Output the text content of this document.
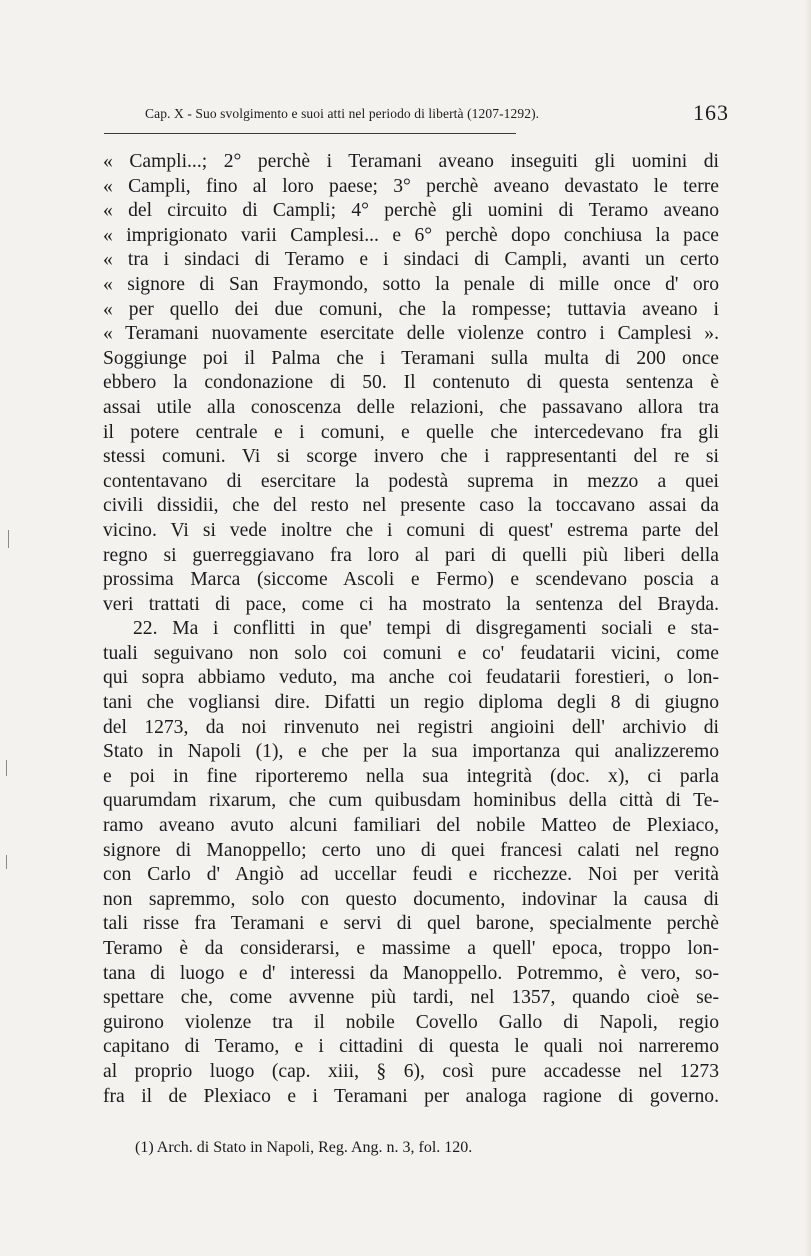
Cap. X - Suo svolgimento e suoi atti nel periodo di libertà (1207-1292).	163
« Campli...; 2° perchè i Teramani aveano inseguiti gli uomini di
« Campli, fino al loro paese; 3° perchè aveano devastato le terre
« del circuito di Campli; 4° perchè gli uomini di Teramo aveano
« imprigionato varii Camplesi... e 6° perchè dopo conchiusa la pace
« tra i sindaci di Teramo e i sindaci di Campli, avanti un certo
« signore di San Fraymondo, sotto la penale di mille once d' oro
« per quello dei due comuni, che la rompesse; tuttavia aveano i
« Teramani nuovamente esercitate delle violenze contro i Camplesi ».
Soggiunge poi il Palma che i Teramani sulla multa di 200 once
ebbero la condonazione di 50. Il contenuto di questa sentenza è
assai utile alla conoscenza delle relazioni, che passavano allora tra
il potere centrale e i comuni, e quelle che intercedevano fra gli
stessi comuni. Vi si scorge invero che i rappresentanti del re si
contentavano di esercitare la podestà suprema in mezzo a quei
civili dissidii, che del resto nel presente caso la toccavano assai da
vicino. Vi si vede inoltre che i comuni di quest' estrema parte del
regno si guerreggiavano fra loro al pari di quelli più liberi della
prossima Marca (siccome Ascoli e Fermo) e scendevano poscia a
veri trattati di pace, come ci ha mostrato la sentenza del Brayda.
22. Ma i conflitti in que' tempi di disgregamenti sociali e sta-
tuali seguivano non solo coi comuni e co' feudatarii vicini, come
qui sopra abbiamo veduto, ma anche coi feudatarii forestieri, o lon-
tani che vogliansi dire. Difatti un regio diploma degli 8 di giugno
del 1273, da noi rinvenuto nei registri angioini dell' archivio di
Stato in Napoli (1), e che per la sua importanza qui analizzeremo
e poi in fine riporteremo nella sua integrità (doc. x), ci parla
quarumdam rixarum, che cum quibusdam hominibus della città di Te-
ramo aveano avuto alcuni familiari del nobile Matteo de Plexiaco,
signore di Manoppello; certo uno di quei francesi calati nel regno
con Carlo d' Angiò ad uccellar feudi e ricchezze. Noi per verità
non sapremmo, solo con questo documento, indovinar la causa di
tali risse fra Teramani e servi di quel barone, specialmente perchè
Teramo è da considerarsi, e massime a quell' epoca, troppo lon-
tana di luogo e d' interessi da Manoppello. Potremmo, è vero, so-
spettare che, come avvenne più tardi, nel 1357, quando cioè se-
guirono violenze tra il nobile Covello Gallo di Napoli, regio
capitano di Teramo, e i cittadini di questa le quali noi narreremo
al proprio luogo (cap. xiii, § 6), così pure accadesse nel 1273
fra il de Plexiaco e i Teramani per analoga ragione di governo.
(1) Arch. di Stato in Napoli, Reg. Ang. n. 3, fol. 120.
